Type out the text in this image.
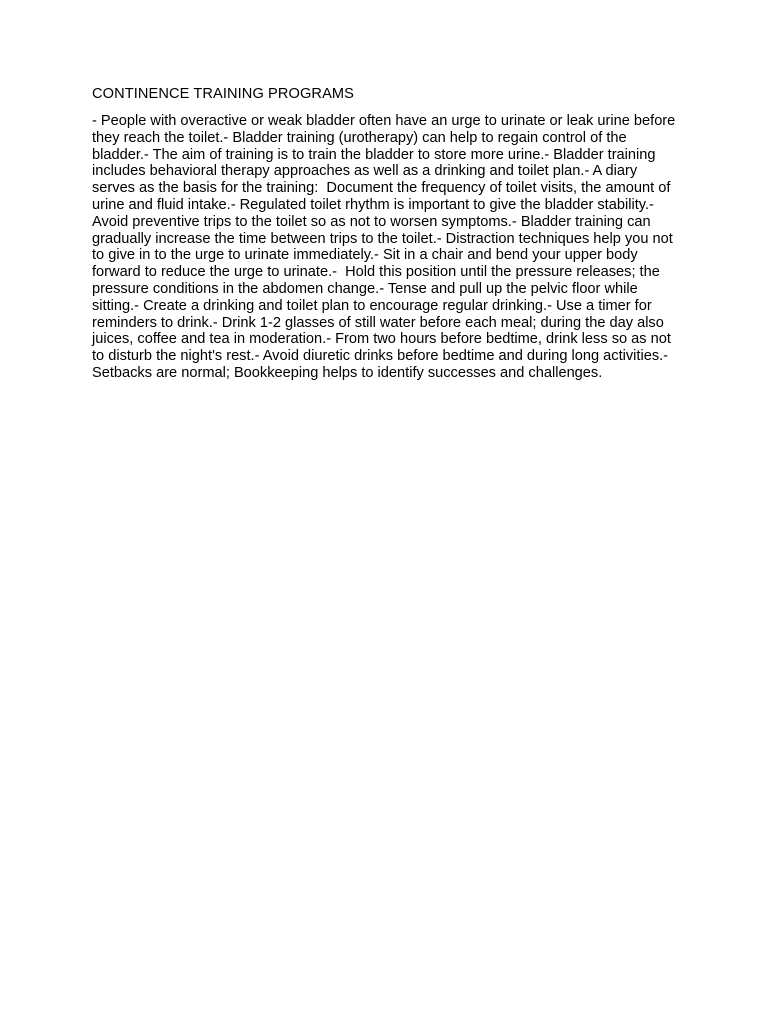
CONTINENCE TRAINING PROGRAMS

- People with overactive or weak bladder often have an urge to urinate or leak urine before they reach the toilet.- Bladder training (urotherapy) can help to regain control of the bladder.- The aim of training is to train the bladder to store more urine.- Bladder training includes behavioral therapy approaches as well as a drinking and toilet plan.- A diary serves as the basis for the training:  Document the frequency of toilet visits, the amount of urine and fluid intake.- Regulated toilet rhythm is important to give the bladder stability.- Avoid preventive trips to the toilet so as not to worsen symptoms.- Bladder training can gradually increase the time between trips to the toilet.- Distraction techniques help you not to give in to the urge to urinate immediately.- Sit in a chair and bend your upper body forward to reduce the urge to urinate.-  Hold this position until the pressure releases; the pressure conditions in the abdomen change.- Tense and pull up the pelvic floor while sitting.- Create a drinking and toilet plan to encourage regular drinking.- Use a timer for reminders to drink.- Drink 1-2 glasses of still water before each meal; during the day also juices, coffee and tea in moderation.- From two hours before bedtime, drink less so as not to disturb the night's rest.- Avoid diuretic drinks before bedtime and during long activities.- Setbacks are normal; Bookkeeping helps to identify successes and challenges.
